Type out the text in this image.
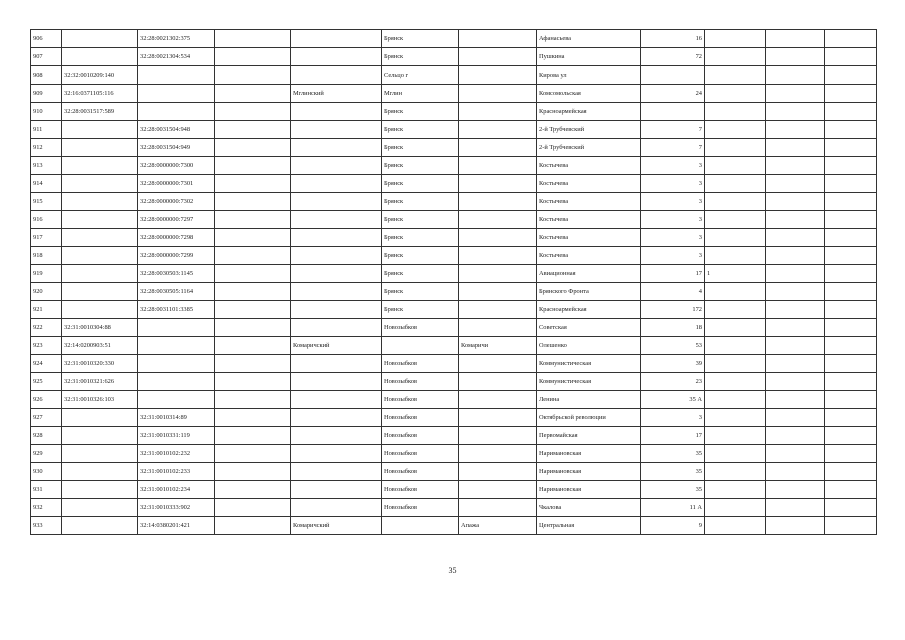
906		32:28:0021302:375			Брянск		Афанасьева	16			
907		32:28:0021304:534			Брянск		Пушкина	72			
908	32:32:0010209:140				Сельцо г		Кирова ул				
909	32:16:0371105:116			Мглинский	Мглин		Комсомольская	24			
910	32:28:0031517:589				Брянск		Красноармейская				
911		32:28:0031504:948			Брянск		2-й Трубчевский	7			
912		32:28:0031504:949			Брянск		2-й Трубчевский	7			
913		32:28:0000000:7300			Брянск		Костычева	3			
914		32:28:0000000:7301			Брянск		Костычева	3			
915		32:28:0000000:7302			Брянск		Костычева	3			
916		32:28:0000000:7297			Брянск		Костычева	3			
917		32:28:0000000:7298			Брянск		Костычева	3			
918		32:28:0000000:7299			Брянск		Костычева	3			
919		32:28:0030503:1145			Брянск		Авиационная	17	1		
920		32:28:0030505:1164			Брянск		Брянского Фронта	4			
921		32:28:0031101:3385			Брянск		Красноармейская	172			
922	32:31:0010304:88				Новозыбков		Советская	18			
923	32:14:0200903:51			Комаричский		Комаричи	Олешенко	53			
924	32:31:0010320:330				Новозыбков		Коммунистическая	39			
925	32:31:0010321:626				Новозыбков		Коммунистическая	23			
926	32:31:0010326:103				Новозыбков		Ленина	35 А			
927		32:31:0010314:89			Новозыбков		Октябрьской революции	3			
928		32:31:0010331:119			Новозыбков		Первомайская	17			
929		32:31:0010102:232			Новозыбков		Наримановская	35			
930		32:31:0010102:233			Новозыбков		Наримановская	35			
931		32:31:0010102:234			Новозыбков		Наримановская	35			
932		32:31:0010333:902			Новозыбков		Чкалова	11 А			
933		32:14:0380201:421		Комаричский		Апажа	Центральная	9			
35
